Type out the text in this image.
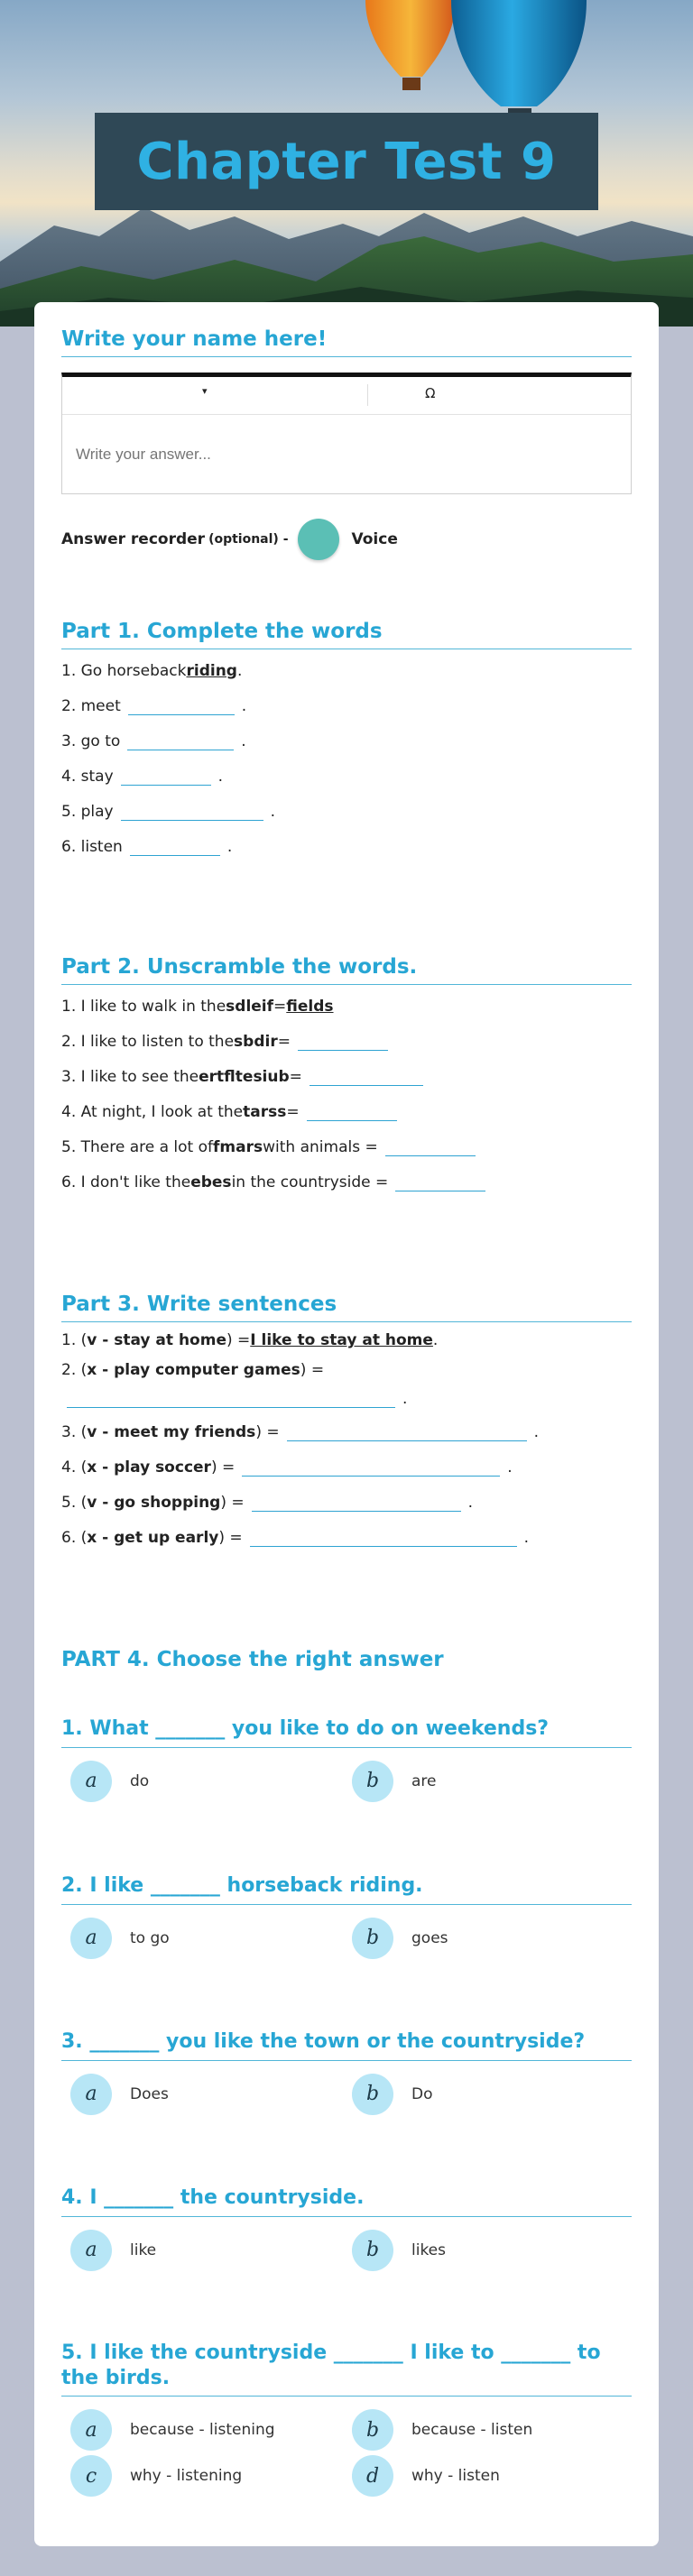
Chapter Test 9
Write your name here!
▾	Ω
Write your answer...
Answer recorder (optional) -	Voice
Part 1. Complete the words
1. Go horseback riding .
2. meet	.
3. go to	.
4. stay	.
5. play	.
6. listen	.
Part 2. Unscramble the words.
1. I like to walk in the sdleif = fields
2. I like to listen to the sbdir =
3. I like to see the ertfltesiub =
4. At night, I look at the tarss =
5. There are a lot of fmars with animals =
6. I don't like the ebes in the countryside =
Part 3. Write sentences
1. ( v - stay at home ) = I like to stay at home .
2. ( x - play computer games ) =
.
3. ( v - meet my friends ) =	.
4. ( x - play soccer ) =	.
5. ( v - go shopping ) =	.
6. ( x - get up early ) =	.
PART 4. Choose the right answer
1. What _______ you like to do on weekends?
a	do	b	are
2. I like _______ horseback riding.
a	to go	b	goes
3. _______ you like the town or the countryside?
a	Does	b	Do
4. I _______ the countryside.
a	like	b	likes
5. I like the countryside _______ I like to _______ to the birds.
a	because - listening	b	because - listen
c	why - listening	d	why - listen
